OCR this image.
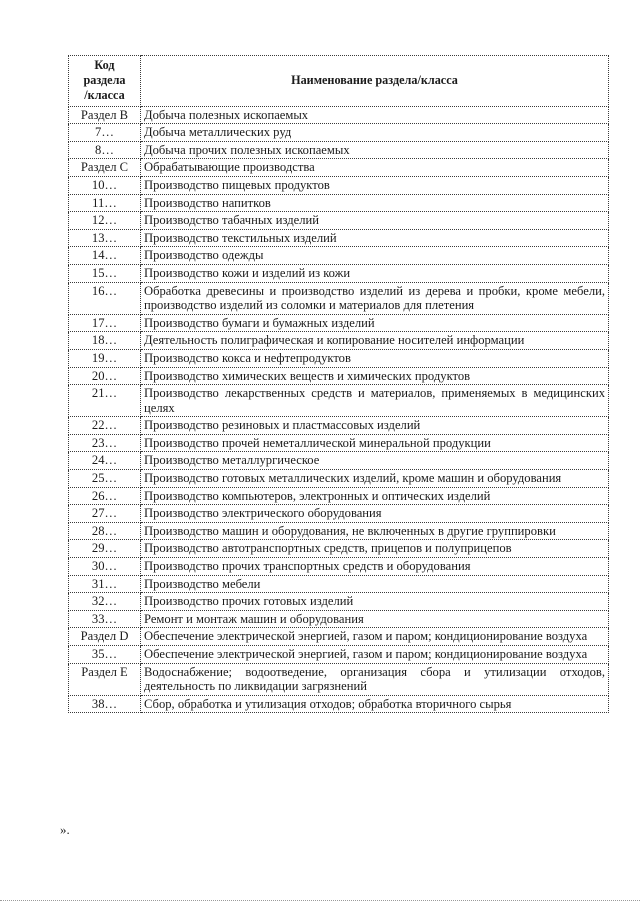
Код
раздела
/класса	Наименование раздела/класса
Раздел В	Добыча полезных ископаемых
7…	Добыча металлических руд
8…	Добыча прочих полезных ископаемых
Раздел С	Обрабатывающие производства
10…	Производство пищевых продуктов
11…	Производство напитков
12…	Производство табачных изделий
13…	Производство текстильных изделий
14…	Производство одежды
15…	Производство кожи и изделий из кожи
16…	Обработка древесины и производство изделий из дерева и пробки, кроме мебели, производство изделий из соломки и материалов для плетения
17…	Производство бумаги и бумажных изделий
18…	Деятельность полиграфическая и копирование носителей информации
19…	Производство кокса и нефтепродуктов
20…	Производство химических веществ и химических продуктов
21…	Производство лекарственных средств и материалов, применяемых в медицинских целях
22…	Производство резиновых и пластмассовых изделий
23…	Производство прочей неметаллической минеральной продукции
24…	Производство металлургическое
25…	Производство готовых металлических изделий, кроме машин и оборудования
26…	Производство компьютеров, электронных и оптических изделий
27…	Производство электрического оборудования
28…	Производство машин и оборудования, не включенных в другие группировки
29…	Производство автотранспортных средств, прицепов и полуприцепов
30…	Производство прочих транспортных средств и оборудования
31…	Производство мебели
32…	Производство прочих готовых изделий
33…	Ремонт и монтаж машин и оборудования
Раздел D	Обеспечение электрической энергией, газом и паром; кондиционирование воздуха
35…	Обеспечение электрической энергией, газом и паром; кондиционирование воздуха
Раздел Е	Водоснабжение; водоотведение, организация сбора и утилизации отходов, деятельность по ликвидации загрязнений
38…	Сбор, обработка и утилизация отходов; обработка вторичного сырья
».
